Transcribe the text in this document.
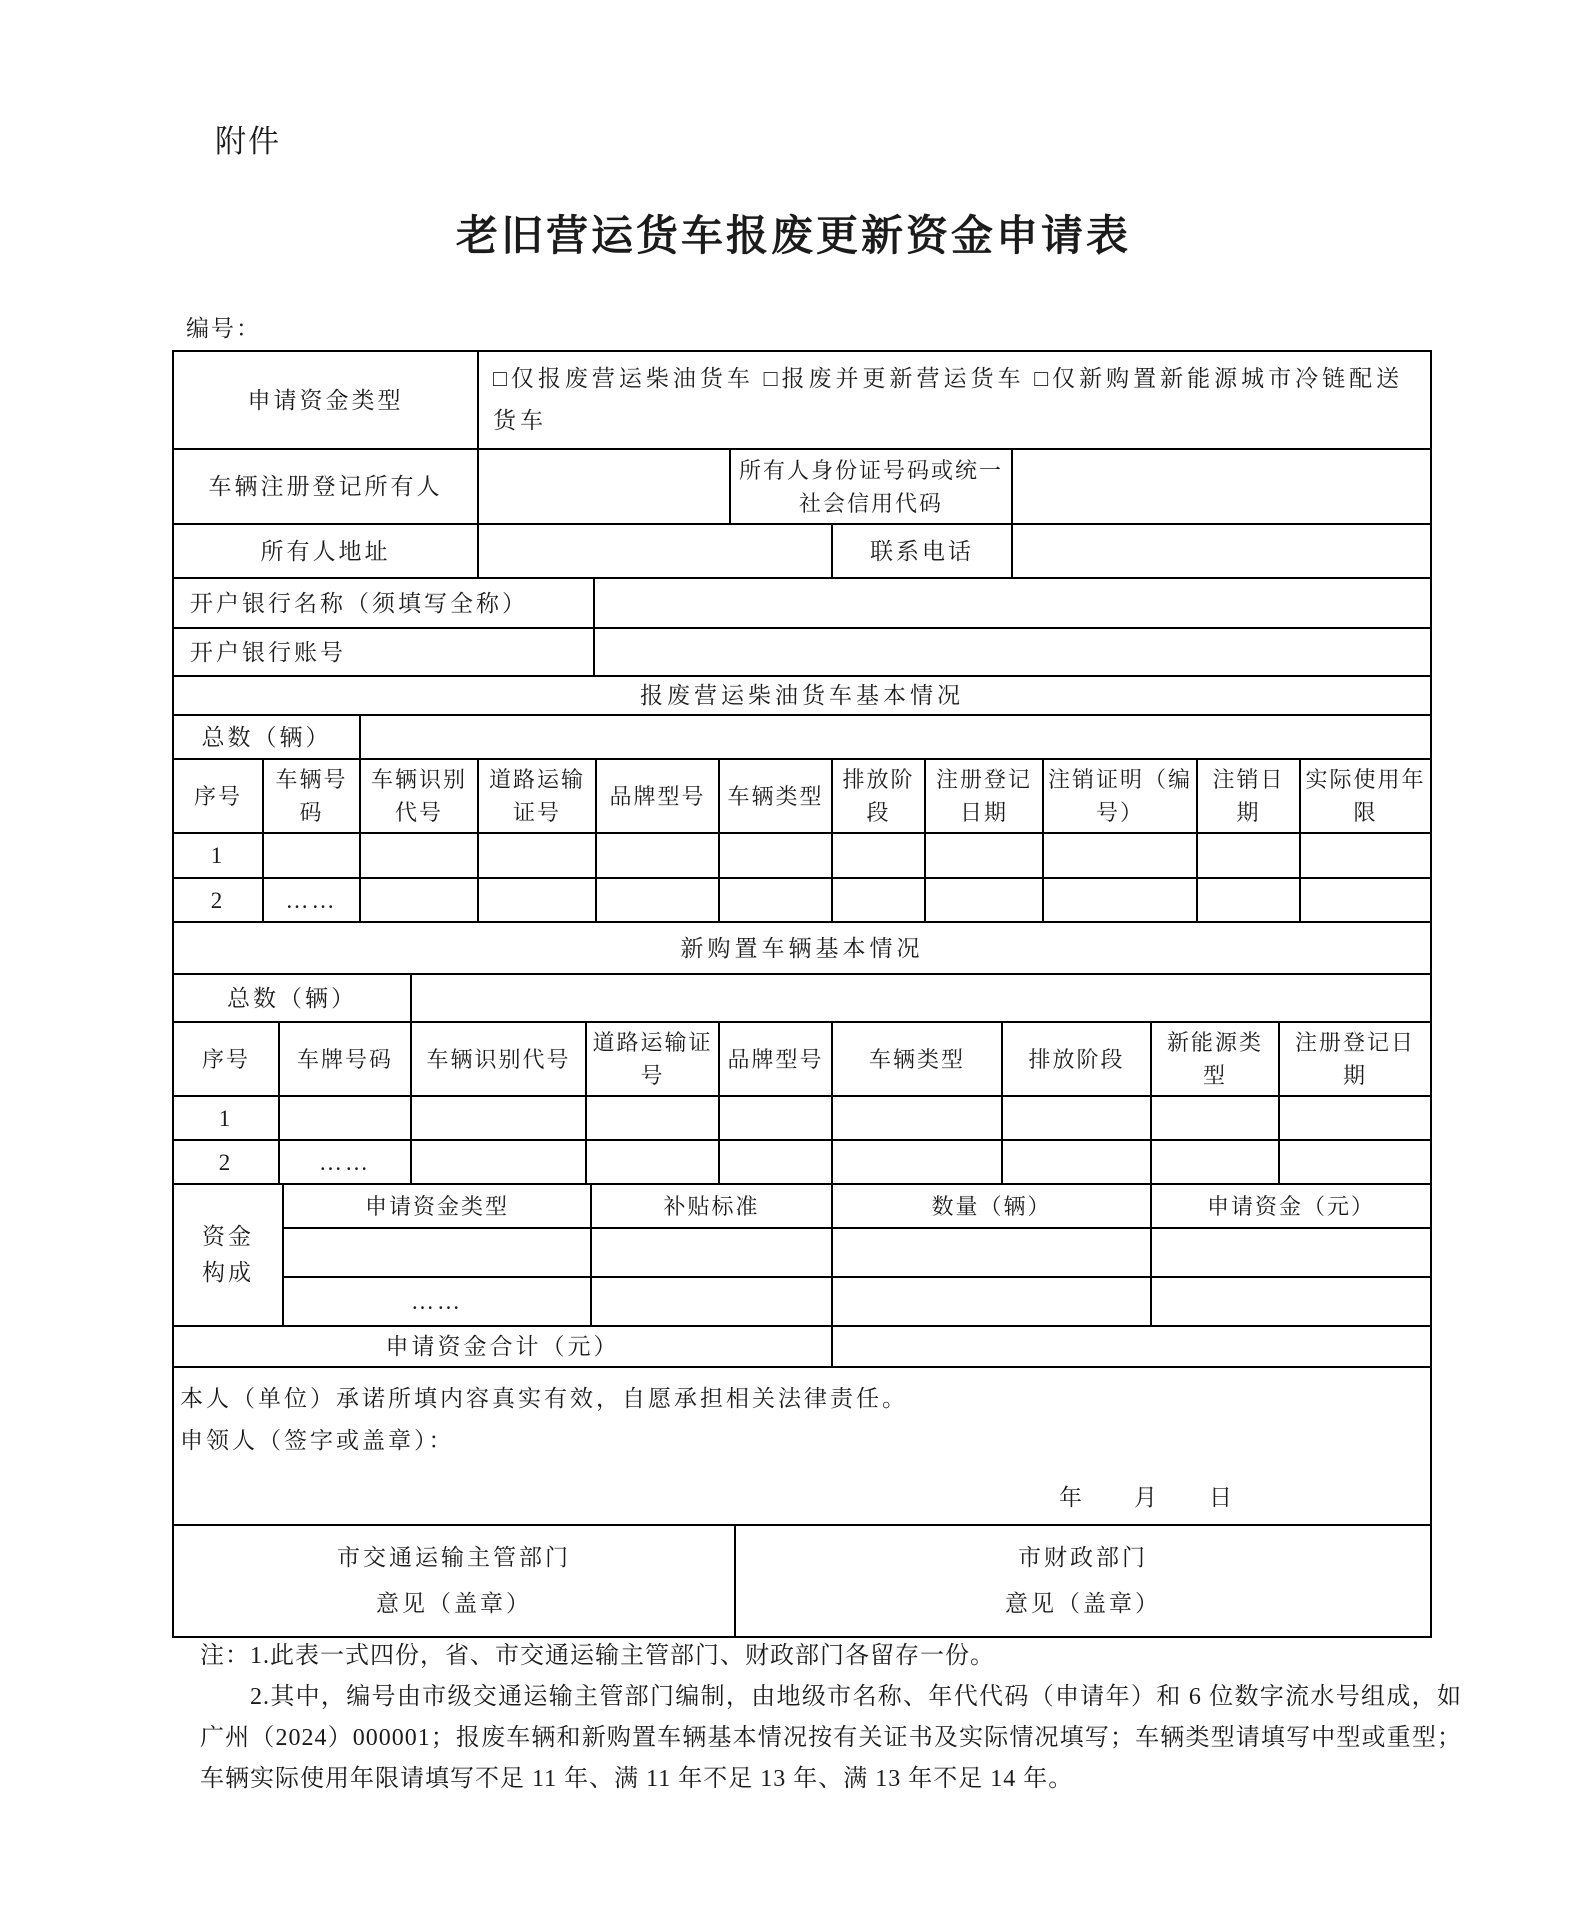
附件
老旧营运货车报废更新资金申请表
编号：
申请资金类型	□仅报废营运柴油货车 □报废并更新营运货车 □仅新购置新能源城市冷链配送货车				
车辆注册登记所有人			所有人身份证号码或统一社会信用代码		
所有人地址				联系电话	
开户银行名称（须填写全称）					
开户银行账号					
报废营运柴油货车基本情况										
总数（辆）										
序号	车辆号码	车辆识别代号	道路运输证号	品牌型号	车辆类型	排放阶段	注册登记日期	注销证明（编号）	注销日期	实际使用年限
1										
2	……									
新购置车辆基本情况								
总数（辆）								
序号	车牌号码	车辆识别代号	道路运输证号	品牌型号	车辆类型	排放阶段	新能源类型	注册登记日期
1								
2	……							
资金构成	申请资金类型	补贴标准	数量（辆）	申请资金（元）

	……			
申请资金合计（元）				
本人（单位）承诺所填内容真实有效，自愿承担相关法律责任。
申领人（签字或盖章）：
年　　月　　日

市交通运输主管部门
意见（盖章）

市财政部门
意见（盖章）

注：1.此表一式四份，省、市交通运输主管部门、财政部门各留存一份。

2.其中，编号由市级交通运输主管部门编制，由地级市名称、年代代码（申请年）和 6 位数字流水号组成，如广州（2024）000001；报废车辆和新购置车辆基本情况按有关证书及实际情况填写；车辆类型请填写中型或重型；车辆实际使用年限请填写不足 11 年、满 11 年不足 13 年、满 13 年不足 14 年。
